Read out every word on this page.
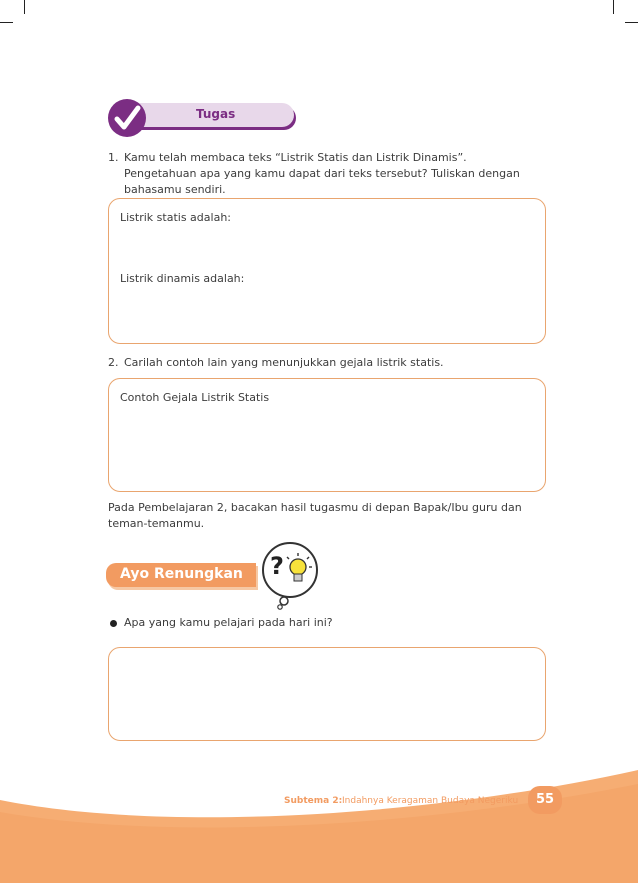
Tugas
1. Kamu telah membaca teks “Listrik Statis dan Listrik Dinamis”.
Pengetahuan apa yang kamu dapat dari teks tersebut? Tuliskan dengan
bahasamu sendiri.
Listrik statis adalah:
Listrik dinamis adalah:
2. Carilah contoh lain yang menunjukkan gejala listrik statis.
Contoh Gejala Listrik Statis
Pada Pembelajaran 2, bacakan hasil tugasmu di depan Bapak/Ibu guru dan
teman-temanmu.
Ayo Renungkan ?
Apa yang kamu pelajari pada hari ini?
Subtema 2: Indahnya Keragaman Budaya Negeriku	55
